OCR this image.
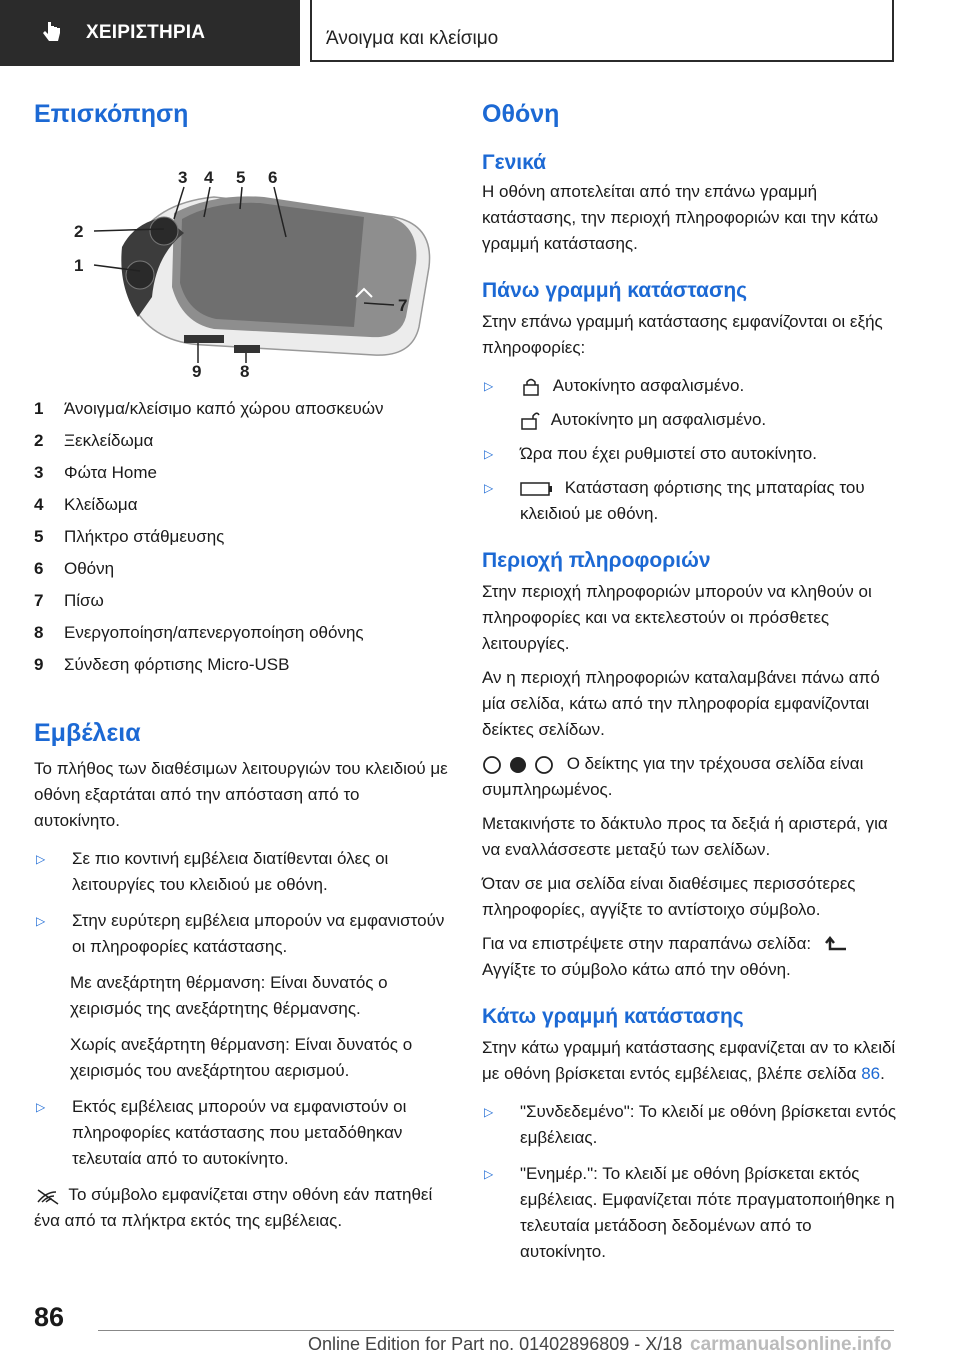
ΧΕΙΡΙΣΤΗΡΙΑ	Άνοιγμα και κλείσιμο
Επισκόπηση
3 4 5 6
2
1
7
8
9
1	Άνοιγμα/κλείσιμο καπό χώρου αποσκευών
2	Ξεκλείδωμα
3	Φώτα Home
4	Κλείδωμα
5	Πλήκτρο στάθμευσης
6	Οθόνη
7	Πίσω
8	Ενεργοποίηση/απενεργοποίηση οθόνης
9	Σύνδεση φόρτισης Micro-USB
Εμβέλεια

Το πλήθος των διαθέσιμων λειτουργιών του κλειδιού με οθόνη εξαρτάται από την απόσταση από το αυτοκίνητο.

▷	Σε πιο κοντινή εμβέλεια διατίθενται όλες οι λειτουργίες του κλειδιού με οθόνη.
▷	Στην ευρύτερη εμβέλεια μπορούν να εμφανιστούν οι πληροφορίες κατάστασης.
Με ανεξάρτητη θέρμανση: Είναι δυνατός ο χειρισμός της ανεξάρτητης θέρμανσης.
Χωρίς ανεξάρτητη θέρμανση: Είναι δυνατός ο χειρισμός του ανεξάρτητου αερισμού.
▷	Εκτός εμβέλειας μπορούν να εμφανιστούν οι πληροφορίες κατάστασης που μεταδόθηκαν τελευταία από το αυτοκίνητο.

Το σύμβολο εμφανίζεται στην οθόνη εάν πατηθεί ένα από τα πλήκτρα εκτός της εμβέλειας.

Οθόνη
Γενικά

Η οθόνη αποτελείται από την επάνω γραμμή κατάστασης, την περιοχή πληροφοριών και την κάτω γραμμή κατάστασης.

Πάνω γραμμή κατάστασης

Στην επάνω γραμμή κατάστασης εμφανίζονται οι εξής πληροφορίες:

▷	Αυτοκίνητο ασφαλισμένο.
Αυτοκίνητο μη ασφαλισμένο.
▷	Ώρα που έχει ρυθμιστεί στο αυτοκίνητο.
▷	Κατάσταση φόρτισης της μπαταρίας του κλειδιού με οθόνη.
Περιοχή πληροφοριών

Στην περιοχή πληροφοριών μπορούν να κληθούν οι πληροφορίες και να εκτελεστούν οι πρόσθετες λειτουργίες.

Αν η περιοχή πληροφοριών καταλαμβάνει πάνω από μία σελίδα, κάτω από την πληροφορία εμφανίζονται δείκτες σελίδων.

Ο δείκτης για την τρέχουσα σελίδα είναι συμπληρωμένος.

Μετακινήστε το δάκτυλο προς τα δεξιά ή αριστερά, για να εναλλάσσεστε μεταξύ των σελίδων.

Όταν σε μια σελίδα είναι διαθέσιμες περισσότερες πληροφορίες, αγγίξτε το αντίστοιχο σύμβολο.

Για να επιστρέψετε στην παραπάνω σελίδα:
Αγγίξτε το σύμβολο κάτω από την οθόνη.

Κάτω γραμμή κατάστασης

Στην κάτω γραμμή κατάστασης εμφανίζεται αν το κλειδί με οθόνη βρίσκεται εντός εμβέλειας, βλέπε σελίδα 86.

▷	"Συνδεδεμένο": Το κλειδί με οθόνη βρίσκεται εντός εμβέλειας.
▷	"Ενημέρ.": Το κλειδί με οθόνη βρίσκεται εκτός εμβέλειας. Εμφανίζεται πότε πραγματοποιήθηκε η τελευταία μετάδοση δεδομένων από το αυτοκίνητο.
86
Online Edition for Part no. 01402896809 - X/18 carmanualsonline.info
